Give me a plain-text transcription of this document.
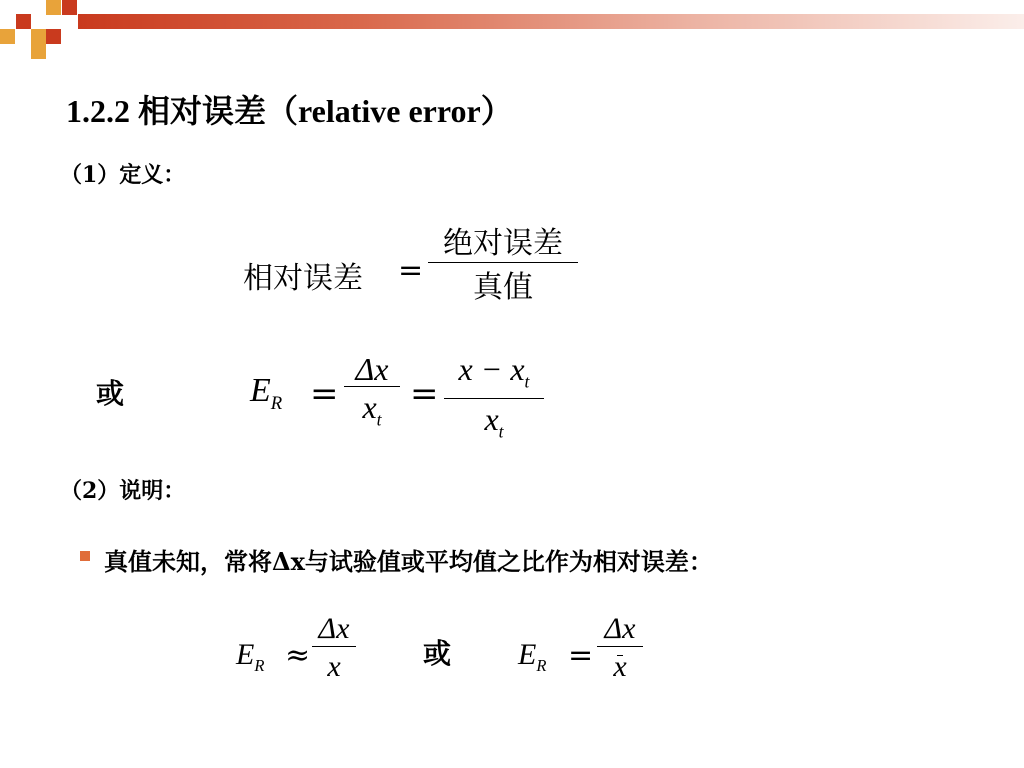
1.2.2 相对误差（relative error）
（1）定义：
相对误差 =
绝对误差
真值
或	$E_R$ =
Δx
$x_t$
=
$x - x_t$
$x_t$
（2）说明：
真值未知，常将Δx与试验值或平均值之比作为相对误差：
$E_R$ ≈
Δx
x	或 $E_R$ =
Δx
x
